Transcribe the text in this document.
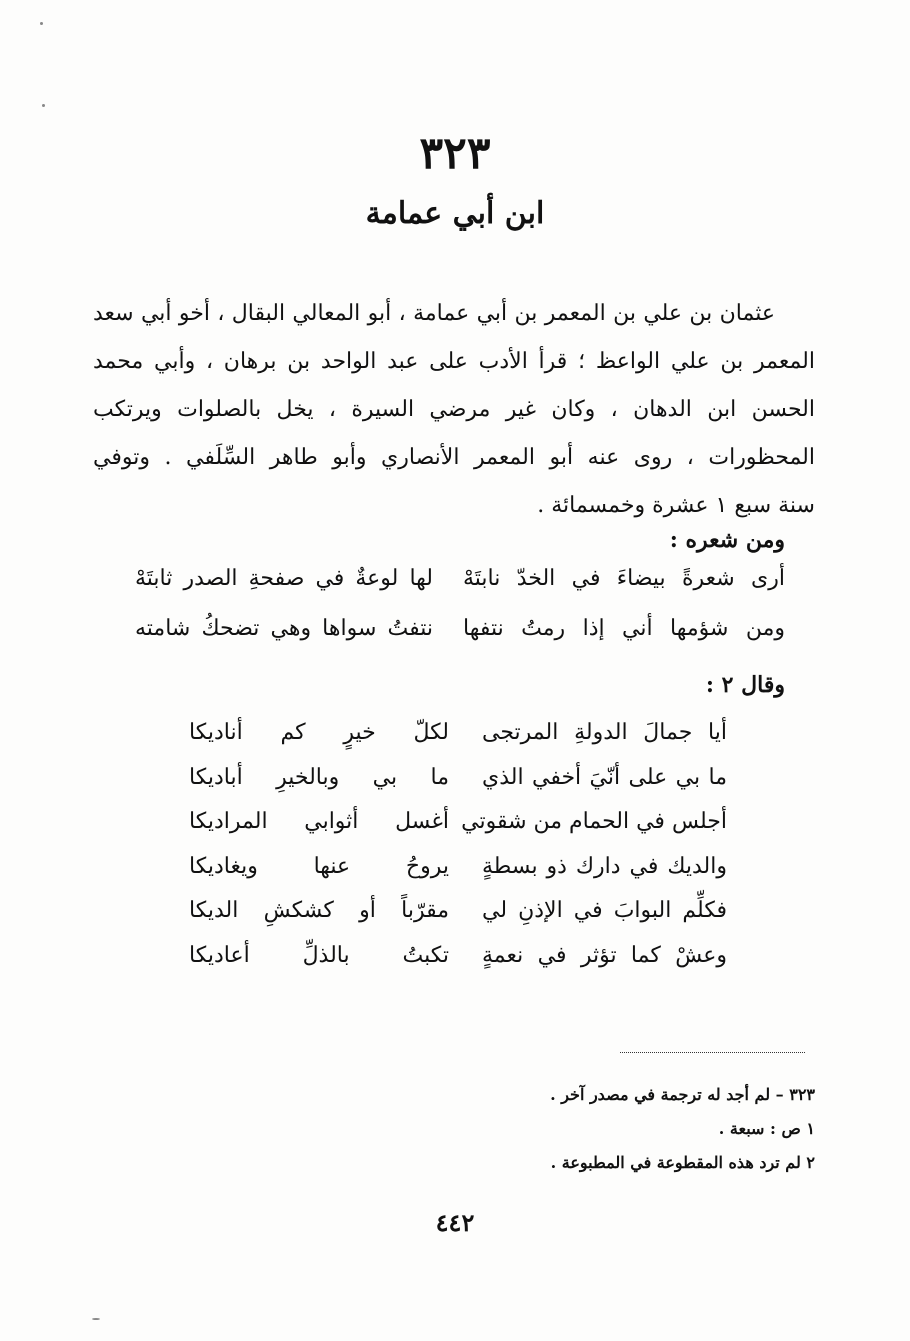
٣٢٣
ابن أبي عمامة
عثمان بن علي بن المعمر بن أبي عمامة ، أبو المعالي البقال ، أخو أبي سعد
المعمر بن علي الواعظ ؛ قرأ الأدب على عبد الواحد بن برهان ، وأبي محمد
الحسن ابن الدهان ، وكان غير مرضي السيرة ، يخل بالصلوات ويرتكب
المحظورات ، روى عنه أبو المعمر الأنصاري وأبو طاهر السِّلَفي . وتوفي
سنة سبع ١ عشرة وخمسمائة .
ومن شعره :
أرى شعرةً بيضاءَ في الخدّ نابتَهْ
لها لوعةٌ في صفحةِ الصدر ثابتَهْ
ومن شؤمها أني إذا رمتُ نتفها
نتفتُ سواها وهي تضحكُ شامته
وقال ٢ :
أيا جمالَ الدولةِ المرتجى
لكلّ خيرٍ كم أناديكا
ما بي على أنّيَ أخفي الذي
ما بي وبالخيرِ أباديكا
أجلس في الحمام من شقوتي
أغسل أثوابي المراديكا
والديك في دارك ذو بسطةٍ
يروحُ عنها ويغاديكا
فكلِّم البوابَ في الإذنِ لي
مقرّباً أو كشكشِ الديكا
وعشْ كما تؤثر في نعمةٍ
تكبتُ بالذلِّ أعاديكا
٣٢٣ – لم أجد له ترجمة في مصدر آخر .
١ ص : سبعة .
٢ لم ترد هذه المقطوعة في المطبوعة .
٤٤٢
